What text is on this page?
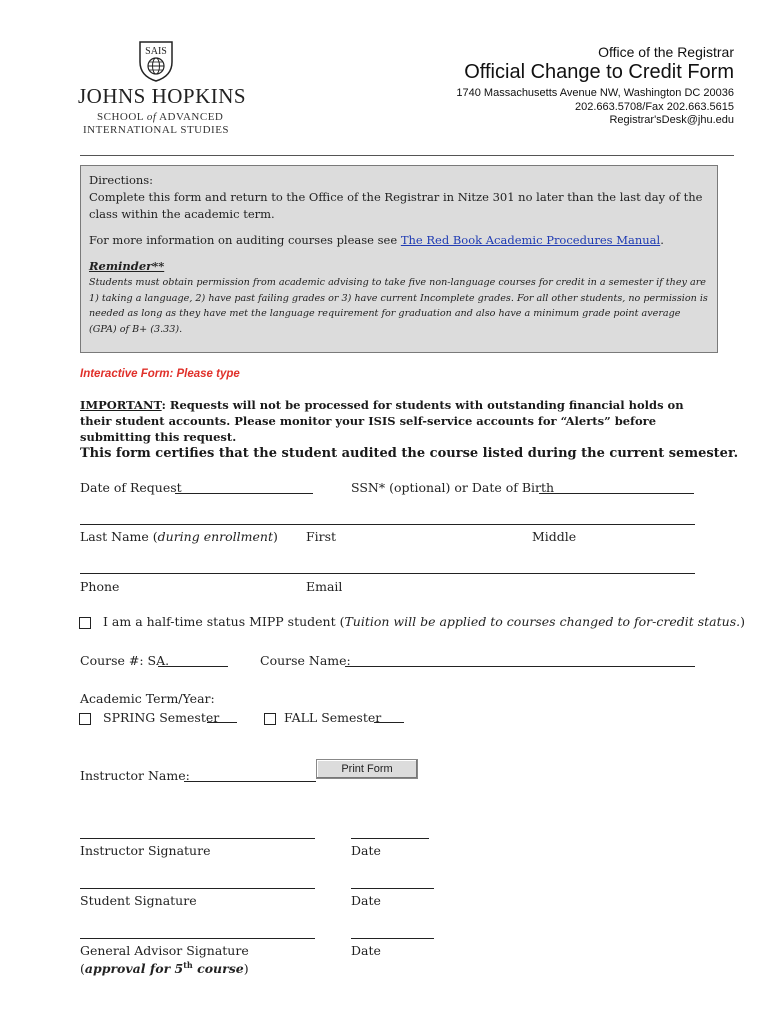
SAIS
JOHNS HOPKINS
SCHOOL of ADVANCED
INTERNATIONAL STUDIES
Office of the Registrar
Official Change to Credit Form
1740 Massachusetts Avenue NW, Washington DC 20036
202.663.5708/Fax 202.663.5615
Registrar'sDesk@jhu.edu

Directions:

Complete this form and return to the Office of the Registrar in Nitze 301 no later than the last day of the class within the academic term.

For more information on auditing courses please see The Red Book Academic Procedures Manual.

Reminder**

Students must obtain permission from academic advising to take five non-language courses for credit in a semester if they are 1) taking a language, 2) have past failing grades or 3) have current Incomplete grades. For all other students, no permission is needed as long as they have met the language requirement for graduation and also have a minimum grade point average (GPA) of B+ (3.33).

Interactive Form: Please type
IMPORTANT: Requests will not be processed for students with outstanding financial holds on their student accounts. Please monitor your ISIS self-service accounts for “Alerts” before submitting this request.
This form certifies that the student audited the course listed during the current semester.
Date of Request	SSN* (optional) or Date of Birth
Last Name (during enrollment) First	Middle
Phone	Email
I am a half-time status MIPP student (Tuition will be applied to courses changed to for-credit status.)
Course #: SA.	Course Name:
Academic Term/Year:
SPRING Semester	FALL Semester
Instructor Name:	Print Form
Instructor Signature	Date
Student Signature	Date
General Advisor Signature	Date
(approval for 5th course)
